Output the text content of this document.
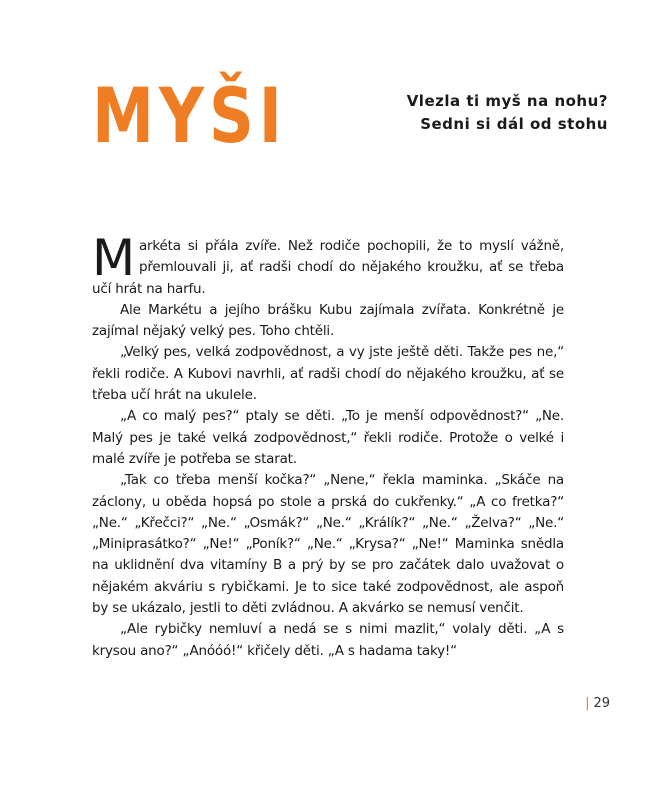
MYŠI	Vlezla ti myš na nohu?
Sedni si dál od stohu

Markéta si přála zvíře. Než rodiče pochopili, že to myslí vážně, přemlouvali ji, ať radši chodí do nějakého kroužku, ať se třeba učí hrát na harfu.

Ale Markétu a jejího brášku Kubu zajímala zvířata. Konkrétně je zajímal nějaký velký pes. Toho chtěli.

„Velký pes, velká zodpovědnost, a vy jste ještě děti. Takže pes ne,“ řekli rodiče. A Kubovi navrhli, ať radši chodí do nějakého kroužku, ať se třeba učí hrát na ukulele.

„A co malý pes?“ ptaly se děti. „To je menší odpovědnost?“ „Ne. Malý pes je také velká zodpovědnost,“ řekli rodiče. Protože o velké i malé zvíře je potřeba se starat.

„Tak co třeba menší kočka?“ „Nene,“ řekla maminka. „Skáče na záclony, u oběda hopsá po stole a prská do cukřenky.“ „A co fretka?“ „Ne.“ „Křečci?“ „Ne.“ „Osmák?“ „Ne.“ „Králík?“ „Ne.“ „Želva?“ „Ne.“ „Miniprasátko?“ „Ne!“ „Poník?“ „Ne.“ „Krysa?“ „Ne!“ Maminka snědla na uklidnění dva vitamíny B a prý by se pro začátek dalo uvažovat o nějakém akváriu s rybičkami. Je to sice také zodpovědnost, ale aspoň by se ukázalo, jestli to děti zvládnou. A akvárko se nemusí venčit.

„Ale rybičky nemluví a nedá se s nimi mazlit,“ volaly děti. „A s krysou ano?“ „Anóóó!“ křičely děti. „A s hadama taky!“

| 29
